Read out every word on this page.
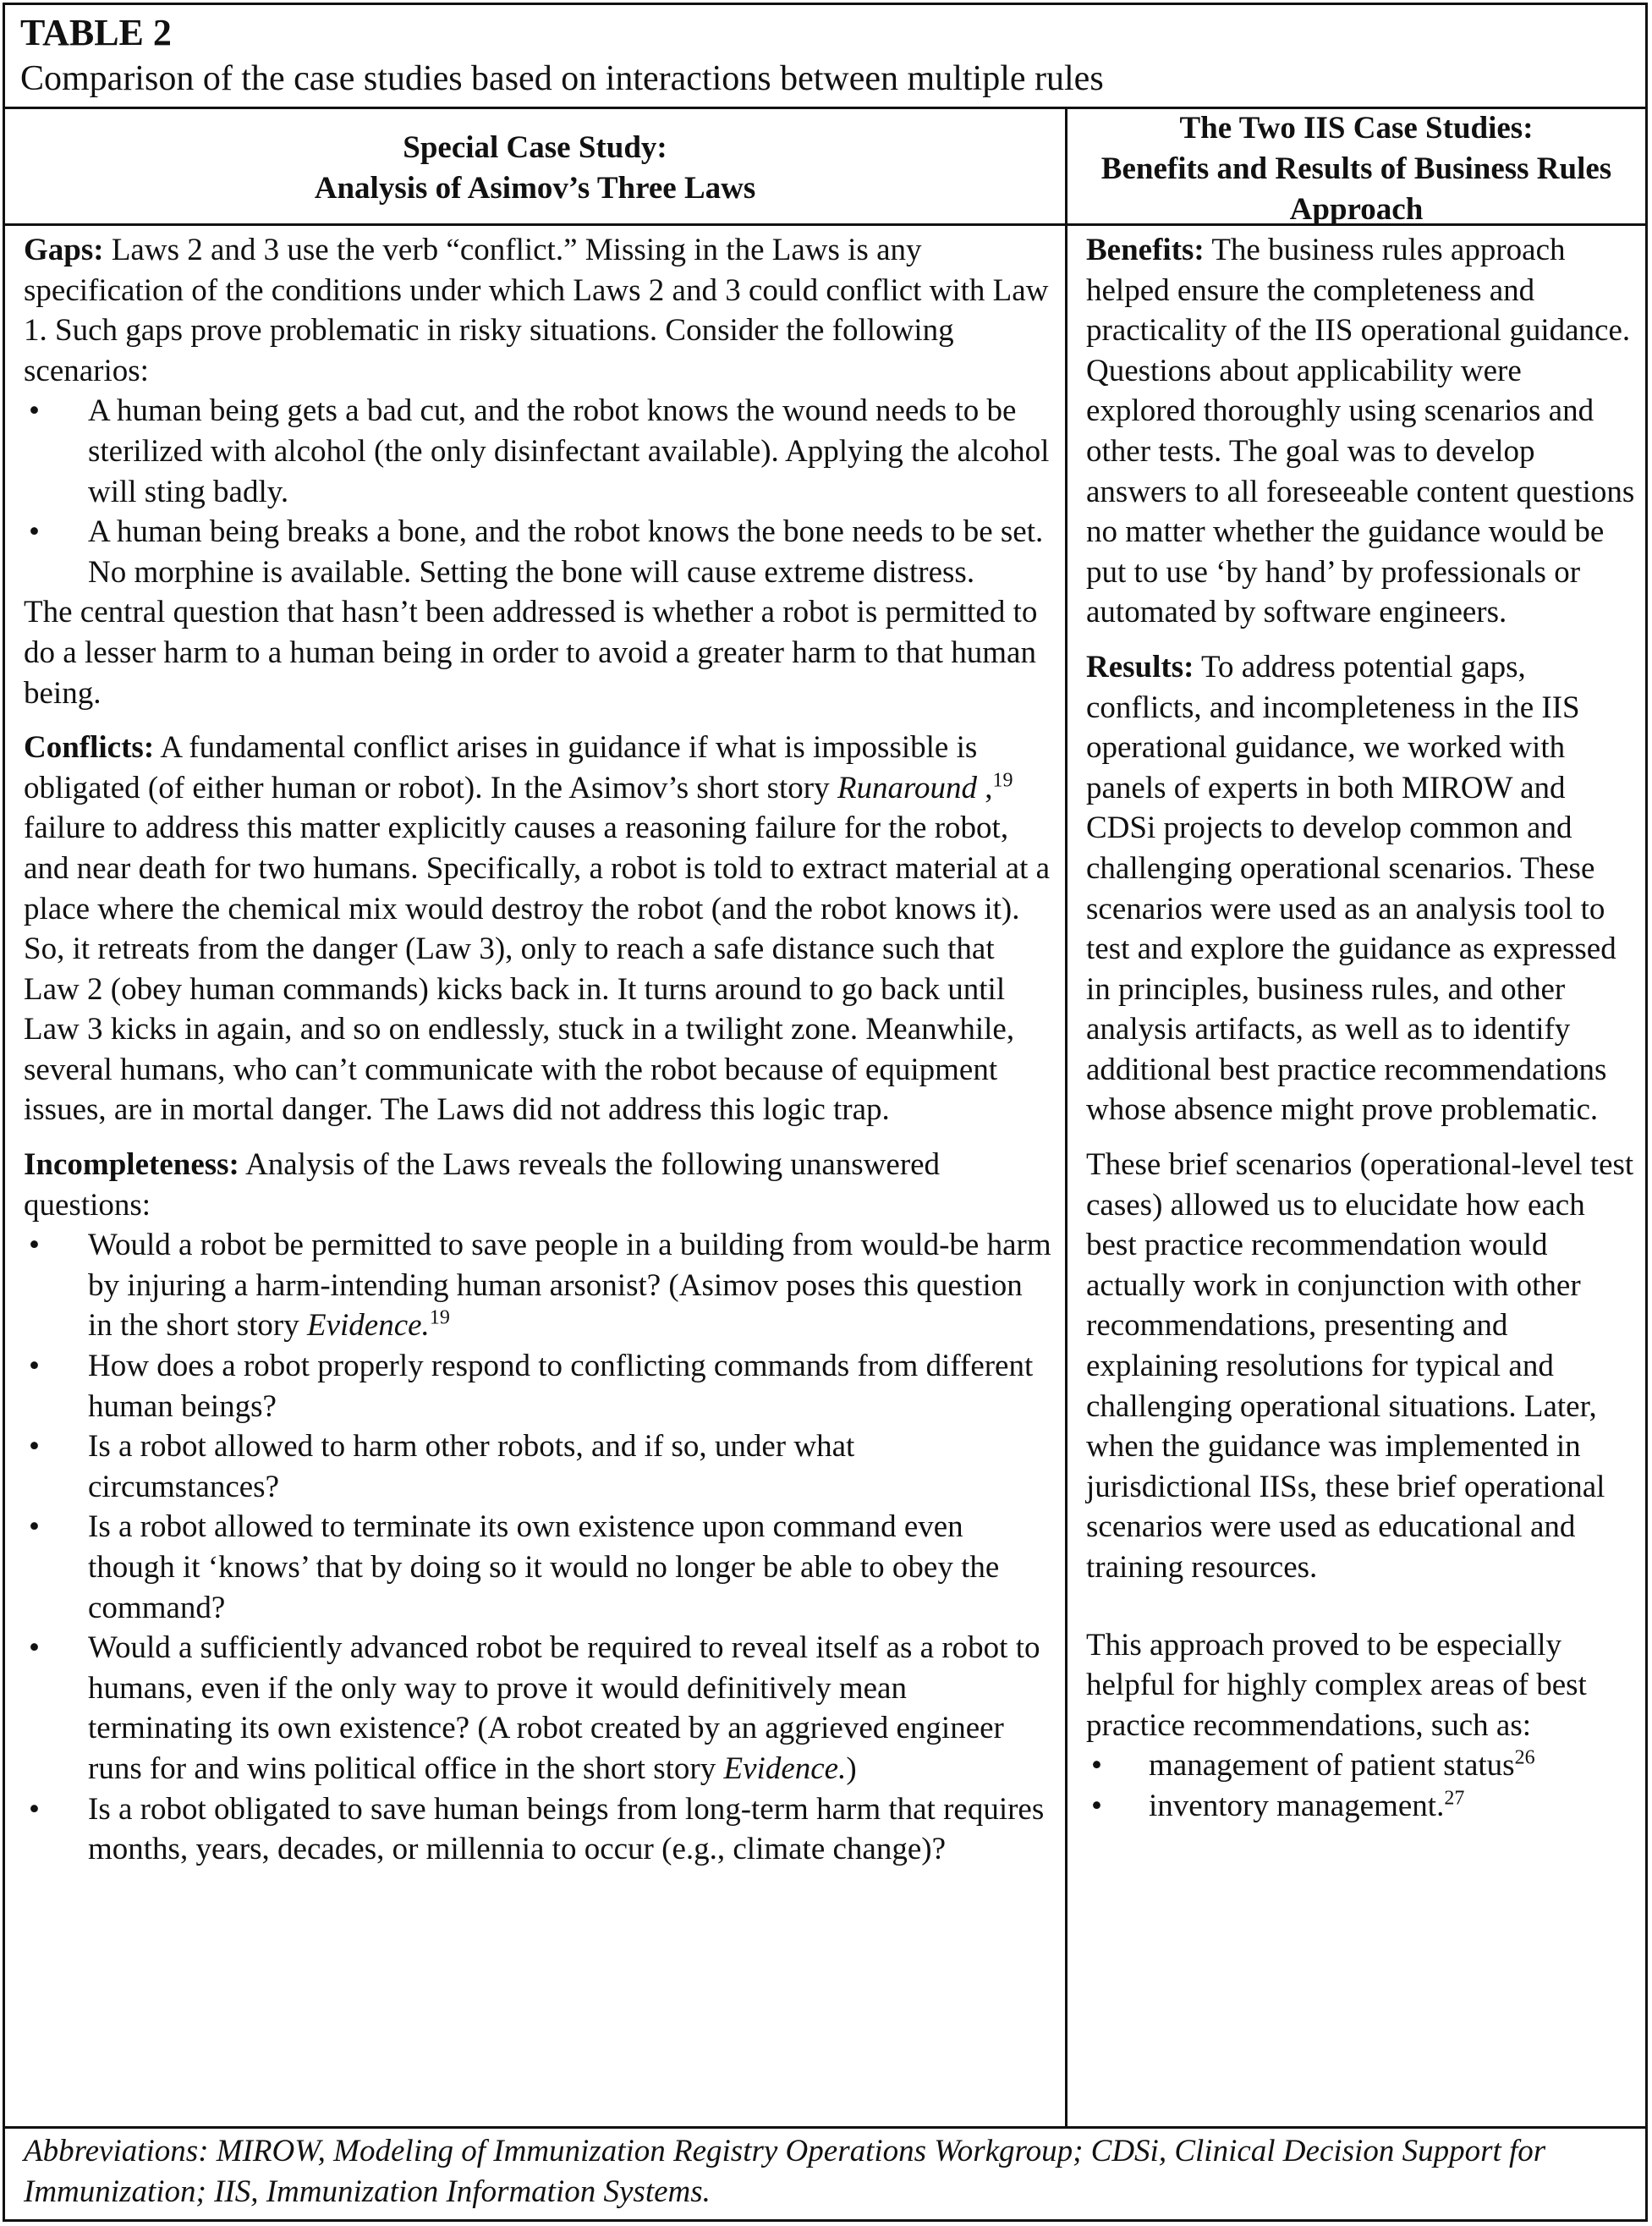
TABLE 2
Comparison of the case studies based on interactions between multiple rules
Special Case Study:
Analysis of Asimov’s Three Laws
The Two IIS Case Studies:
Benefits and Results of Business Rules Approach

Gaps: Laws 2 and 3 use the verb “conflict.” Missing in the Laws is any specification of the conditions under which Laws 2 and 3 could conflict with Law 1. Such gaps prove problematic in risky situations. Consider the following scenarios:

• A human being gets a bad cut, and the robot knows the wound needs to be sterilized with alcohol (the only disinfectant available). Applying the alcohol will sting badly.
• A human being breaks a bone, and the robot knows the bone needs to be set. No morphine is available. Setting the bone will cause extreme distress.

The central question that hasn’t been addressed is whether a robot is permitted to do a lesser harm to a human being in order to avoid a greater harm to that human being.

Conflicts: A fundamental conflict arises in guidance if what is impossible is obligated (of either human or robot). In the Asimov’s short story Runaround ,$^{19}$ failure to address this matter explicitly causes a reasoning failure for the robot, and near death for two humans. Specifically, a robot is told to extract material at a place where the chemical mix would destroy the robot (and the robot knows it). So, it retreats from the danger (Law 3), only to reach a safe distance such that Law 2 (obey human commands) kicks back in. It turns around to go back until Law 3 kicks in again, and so on endlessly, stuck in a twilight zone. Meanwhile, several humans, who can’t communicate with the robot because of equipment issues, are in mortal danger. The Laws did not address this logic trap.

Incompleteness: Analysis of the Laws reveals the following unanswered questions:

• Would a robot be permitted to save people in a building from would-be harm by injuring a harm-intending human arsonist? (Asimov poses this question in the short story Evidence.$^{19}$
• How does a robot properly respond to conflicting commands from different human beings?
• Is a robot allowed to harm other robots, and if so, under what circumstances?
• Is a robot allowed to terminate its own existence upon command even though it ‘knows’ that by doing so it would no longer be able to obey the command?
• Would a sufficiently advanced robot be required to reveal itself as a robot to humans, even if the only way to prove it would definitively mean terminating its own existence? (A robot created by an aggrieved engineer runs for and wins political office in the short story Evidence.)
• Is a robot obligated to save human beings from long-term harm that requires months, years, decades, or millennia to occur (e.g., climate change)?

Benefits: The business rules approach helped ensure the completeness and practicality of the IIS operational guidance. Questions about applicability were explored thoroughly using scenarios and other tests. The goal was to develop answers to all foreseeable content questions no matter whether the guidance would be put to use ‘by hand’ by professionals or automated by software engineers.

Results: To address potential gaps, conflicts, and incompleteness in the IIS operational guidance, we worked with panels of experts in both MIROW and CDSi projects to develop common and challenging operational scenarios. These scenarios were used as an analysis tool to test and explore the guidance as expressed in principles, business rules, and other analysis artifacts, as well as to identify additional best practice recommendations whose absence might prove problematic.

These brief scenarios (operational-level test cases) allowed us to elucidate how each best practice recommendation would actually work in conjunction with other recommendations, presenting and explaining resolutions for typical and challenging operational situations. Later, when the guidance was implemented in jurisdictional IISs, these brief operational scenarios were used as educational and training resources.

This approach proved to be especially helpful for highly complex areas of best practice recommendations, such as:

• management of patient status$^{26}$
• inventory management.$^{27}$
Abbreviations: MIROW, Modeling of Immunization Registry Operations Workgroup; CDSi, Clinical Decision Support for Immunization; IIS, Immunization Information Systems.
